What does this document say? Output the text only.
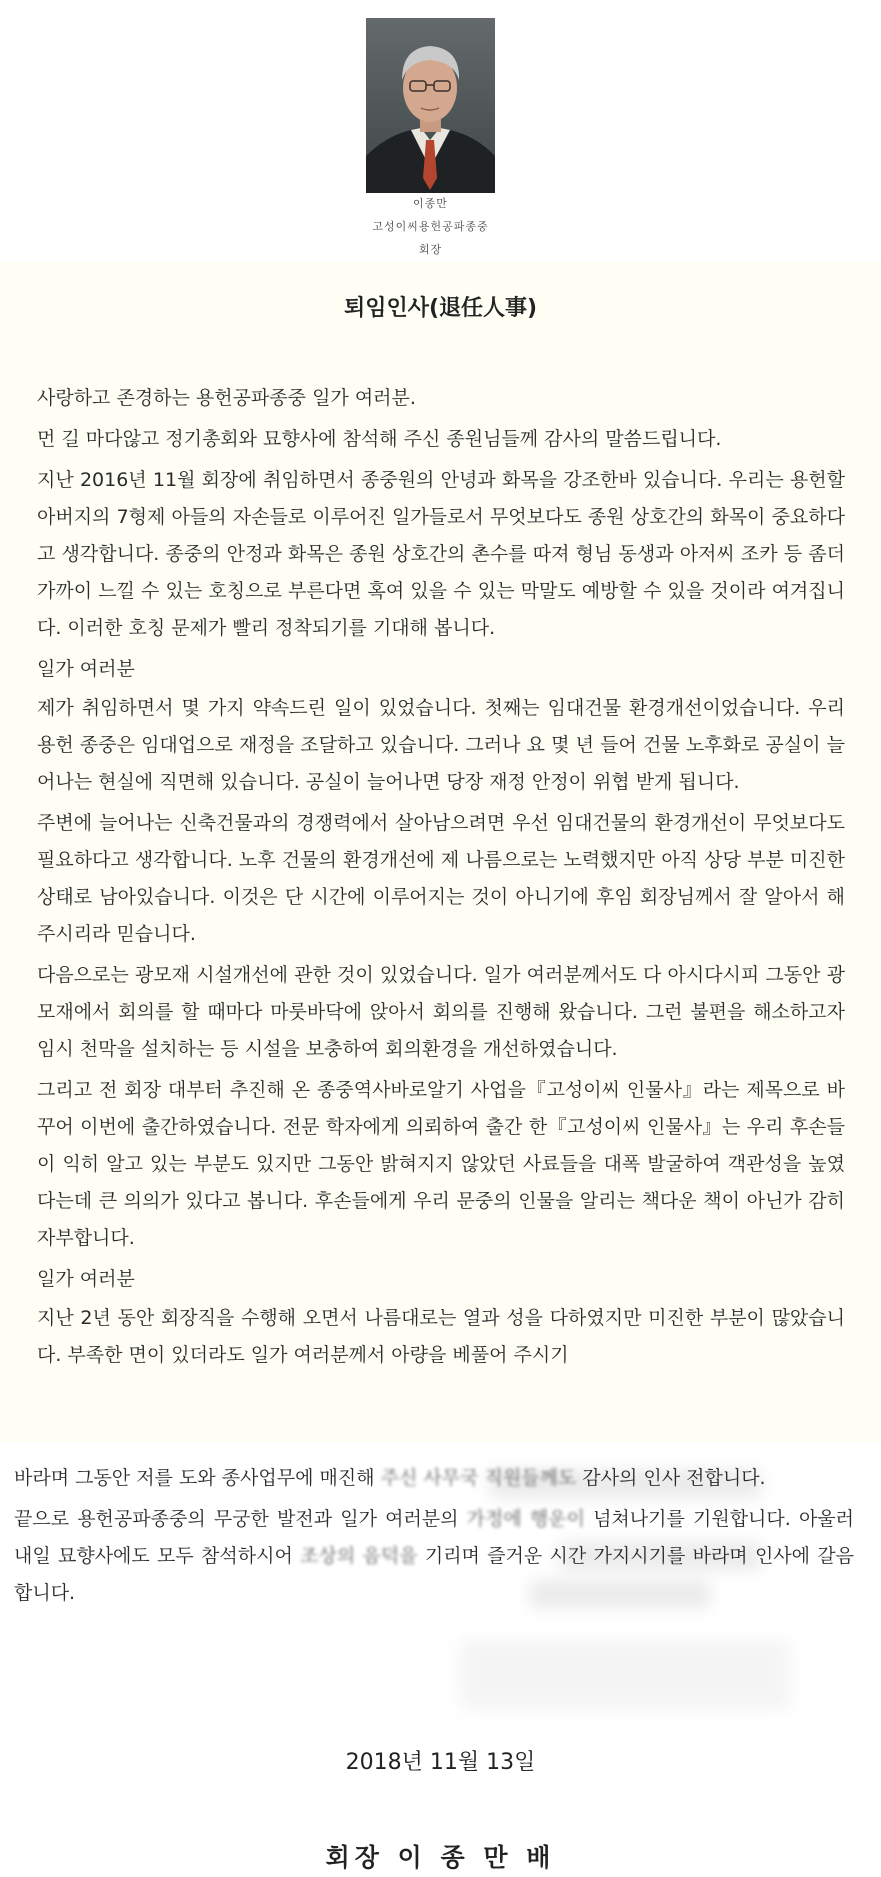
이종만
고성이씨용헌공파종중
회장
퇴임인사(退任人事)

사랑하고 존경하는 용헌공파종중 일가 여러분.

먼 길 마다않고 정기총회와 묘향사에 참석해 주신 종원님들께 감사의 말씀드립니다.

지난 2016년 11월 회장에 취임하면서 종중원의 안녕과 화목을 강조한바 있습니다. 우리는 용헌할아버지의 7형제 아들의 자손들로 이루어진 일가들로서 무엇보다도 종원 상호간의 화목이 중요하다고 생각합니다. 종중의 안정과 화목은 종원 상호간의 촌수를 따져 형님 동생과 아저씨 조카 등 좀더 가까이 느낄 수 있는 호칭으로 부른다면 혹여 있을 수 있는 막말도 예방할 수 있을 것이라 여겨집니다. 이러한 호칭 문제가 빨리 정착되기를 기대해 봅니다.

일가 여러분

제가 취임하면서 몇 가지 약속드린 일이 있었습니다. 첫째는 임대건물 환경개선이었습니다. 우리 용헌 종중은 임대업으로 재정을 조달하고 있습니다. 그러나 요 몇 년 들어 건물 노후화로 공실이 늘어나는 현실에 직면해 있습니다. 공실이 늘어나면 당장 재정 안정이 위협 받게 됩니다.

주변에 늘어나는 신축건물과의 경쟁력에서 살아남으려면 우선 임대건물의 환경개선이 무엇보다도 필요하다고 생각합니다. 노후 건물의 환경개선에 제 나름으로는 노력했지만 아직 상당 부분 미진한 상태로 남아있습니다. 이것은 단 시간에 이루어지는 것이 아니기에 후임 회장님께서 잘 알아서 해 주시리라 믿습니다.

다음으로는 광모재 시설개선에 관한 것이 있었습니다. 일가 여러분께서도 다 아시다시피 그동안 광모재에서 회의를 할 때마다 마룻바닥에 앉아서 회의를 진행해 왔습니다. 그런 불편을 해소하고자 임시 천막을 설치하는 등 시설을 보충하여 회의환경을 개선하였습니다.

그리고 전 회장 대부터 추진해 온 종중역사바로알기 사업을『고성이씨 인물사』라는 제목으로 바꾸어 이번에 출간하였습니다. 전문 학자에게 의뢰하여 출간 한『고성이씨 인물사』는 우리 후손들이 익히 알고 있는 부분도 있지만 그동안 밝혀지지 않았던 사료들을 대폭 발굴하여 객관성을 높였다는데 큰 의의가 있다고 봅니다. 후손들에게 우리 문중의 인물을 알리는 책다운 책이 아닌가 감히 자부합니다.

일가 여러분

지난 2년 동안 회장직을 수행해 오면서 나름대로는 열과 성을 다하였지만 미진한 부분이 많았습니다. 부족한 면이 있더라도 일가 여러분께서 아량을 베풀어 주시기

바라며 그동안 저를 도와 종사업무에 매진해 주신 사무국 직원들께도 감사의 인사 전합니다.

끝으로 용헌공파종중의 무궁한 발전과 일가 여러분의 가정에 행운이 넘쳐나기를 기원합니다. 아울러 내일 묘향사에도 모두 참석하시어 조상의 음덕을 기리며 즐거운 시간 가지시기를 바라며 인사에 갈음합니다.

2018년 11월 13일
회장 이 종 만 배
